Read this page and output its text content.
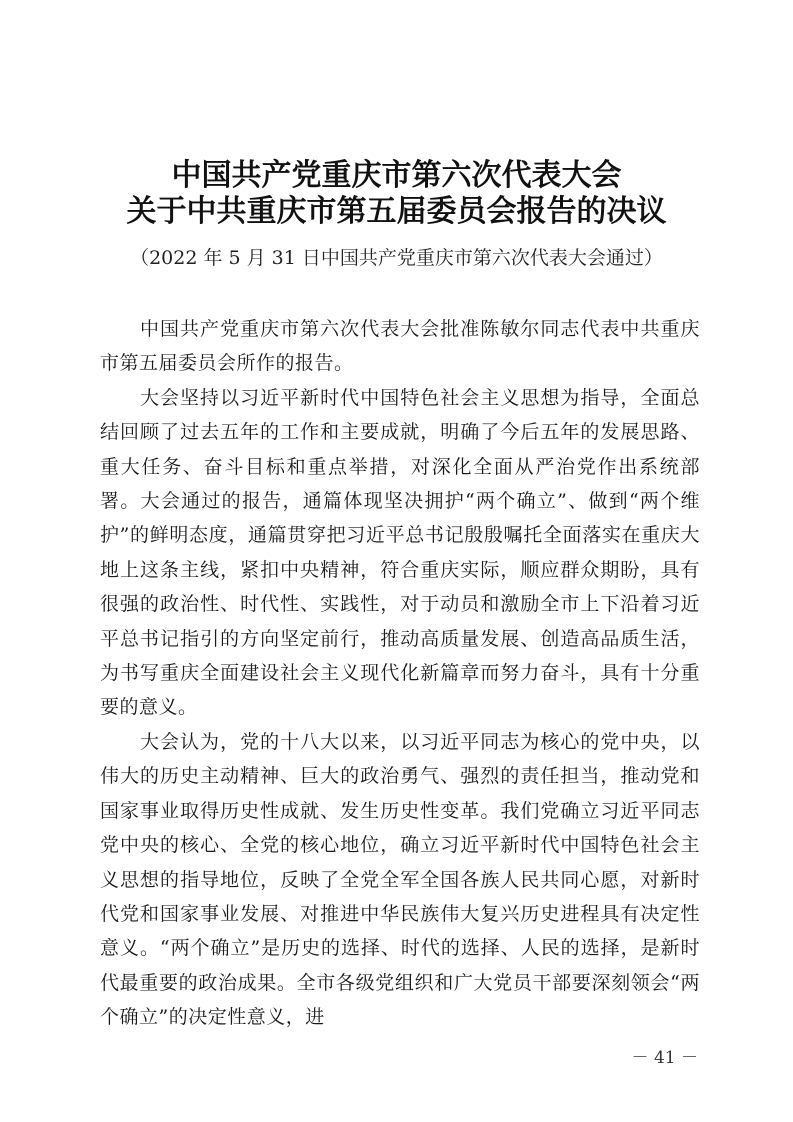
中国共产党重庆市第六次代表大会
关于中共重庆市第五届委员会报告的决议
（2022 年 5 月 31 日中国共产党重庆市第六次代表大会通过）

中国共产党重庆市第六次代表大会批准陈敏尔同志代表中共重庆市第五届委员会所作的报告。

大会坚持以习近平新时代中国特色社会主义思想为指导，全面总结回顾了过去五年的工作和主要成就，明确了今后五年的发展思路、重大任务、奋斗目标和重点举措，对深化全面从严治党作出系统部署。大会通过的报告，通篇体现坚决拥护“两个确立”、做到“两个维护”的鲜明态度，通篇贯穿把习近平总书记殷殷嘱托全面落实在重庆大地上这条主线，紧扣中央精神，符合重庆实际，顺应群众期盼，具有很强的政治性、时代性、实践性，对于动员和激励全市上下沿着习近平总书记指引的方向坚定前行，推动高质量发展、创造高品质生活，为书写重庆全面建设社会主义现代化新篇章而努力奋斗，具有十分重要的意义。

大会认为，党的十八大以来，以习近平同志为核心的党中央，以伟大的历史主动精神、巨大的政治勇气、强烈的责任担当，推动党和国家事业取得历史性成就、发生历史性变革。我们党确立习近平同志党中央的核心、全党的核心地位，确立习近平新时代中国特色社会主义思想的指导地位，反映了全党全军全国各族人民共同心愿，对新时代党和国家事业发展、对推进中华民族伟大复兴历史进程具有决定性意义。“两个确立”是历史的选择、时代的选择、人民的选择，是新时代最重要的政治成果。全市各级党组织和广大党员干部要深刻领会“两个确立”的决定性意义，进

－ 41 －
